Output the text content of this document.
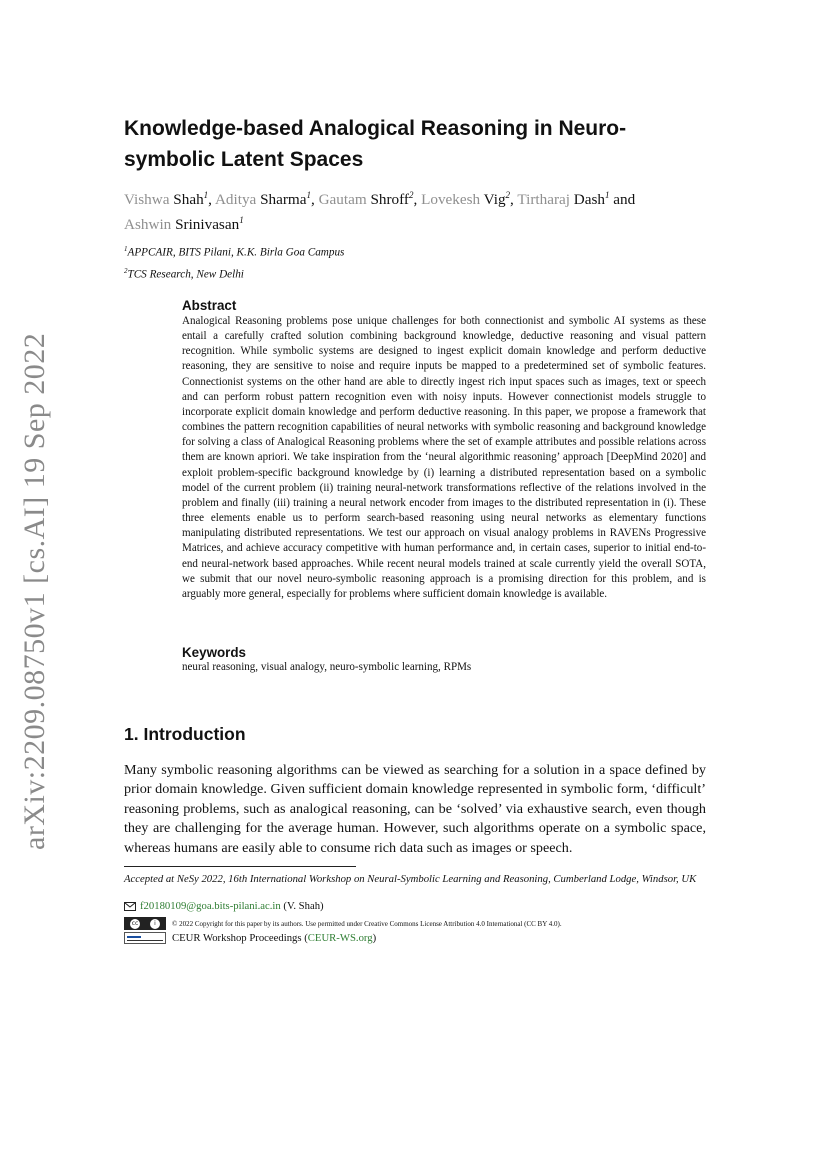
arXiv:2209.08750v1 [cs.AI] 19 Sep 2022
Knowledge-based Analogical Reasoning in Neuro-symbolic Latent Spaces
Vishwa Shah$^1$, Aditya Sharma$^1$, Gautam Shroff$^2$, Lovekesh Vig$^2$, Tirtharaj Dash$^1$ and
Ashwin Srinivasan$^1$
$^1$APPCAIR, BITS Pilani, K.K. Birla Goa Campus
$^2$TCS Research, New Delhi
Abstract

Analogical Reasoning problems pose unique challenges for both connectionist and symbolic AI systems as these entail a carefully crafted solution combining background knowledge, deductive reasoning and visual pattern recognition. While symbolic systems are designed to ingest explicit domain knowledge and perform deductive reasoning, they are sensitive to noise and require inputs be mapped to a predetermined set of symbolic features. Connectionist systems on the other hand are able to directly ingest rich input spaces such as images, text or speech and can perform robust pattern recognition even with noisy inputs. However connectionist models struggle to incorporate explicit domain knowledge and perform deductive reasoning. In this paper, we propose a framework that combines the pattern recognition capabilities of neural networks with symbolic reasoning and background knowledge for solving a class of Analogical Reasoning problems where the set of example attributes and possible relations across them are known apriori. We take inspiration from the ‘neural algorithmic reasoning’ approach [DeepMind 2020] and exploit problem-specific background knowledge by (i) learning a distributed representation based on a symbolic model of the current problem (ii) training neural-network transformations reflective of the relations involved in the problem and finally (iii) training a neural network encoder from images to the distributed representation in (i). These three elements enable us to perform search-based reasoning using neural networks as elementary functions manipulating distributed representations. We test our approach on visual analogy problems in RAVENs Progressive Matrices, and achieve accuracy competitive with human performance and, in certain cases, superior to initial end-to-end neural-network based approaches. While recent neural models trained at scale currently yield the overall SOTA, we submit that our novel neuro-symbolic reasoning approach is a promising direction for this problem, and is arguably more general, especially for problems where sufficient domain knowledge is available.

Keywords
neural reasoning, visual analogy, neuro-symbolic learning, RPMs
1. Introduction

Many symbolic reasoning algorithms can be viewed as searching for a solution in a space defined by prior domain knowledge. Given sufficient domain knowledge represented in symbolic form, ‘difficult’ reasoning problems, such as analogical reasoning, can be ‘solved’ via exhaustive search, even though they are challenging for the average human. However, such algorithms operate on a symbolic space, whereas humans are easily able to consume rich data such as images or speech.

Accepted at NeSy 2022, 16th International Workshop on Neural-Symbolic Learning and Reasoning, Cumberland Lodge, Windsor, UK

f20180109@goa.bits-pilani.ac.in (V. Shah)
cc	i	© 2022 Copyright for this paper by its authors. Use permitted under Creative Commons License Attribution 4.0 International (CC BY 4.0).
CEUR Workshop Proceedings (CEUR-WS.org)
